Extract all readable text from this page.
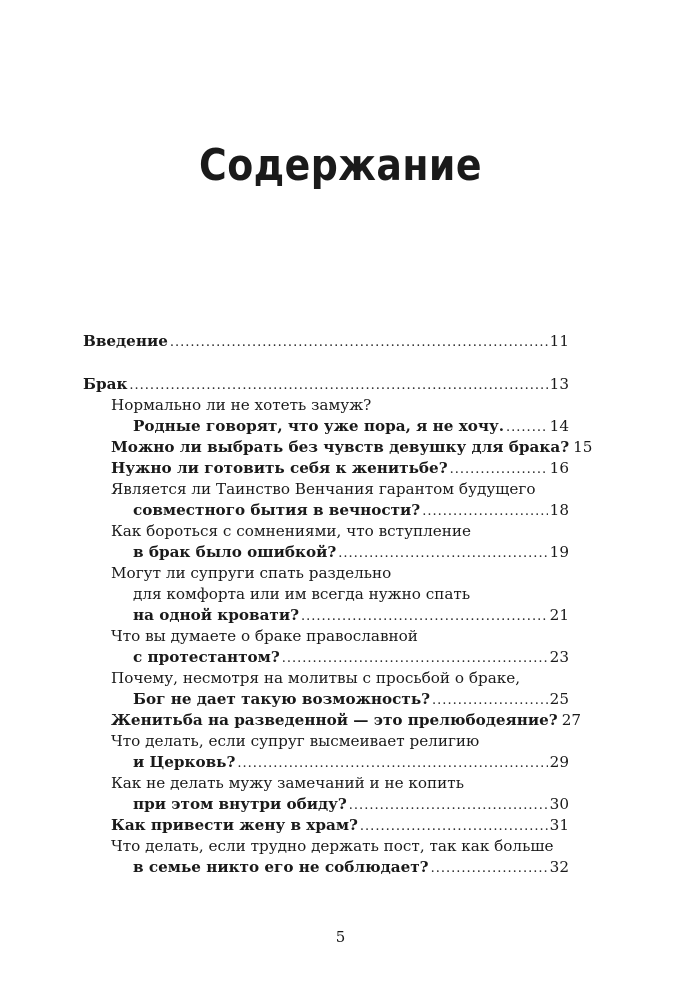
Содержание
Введение .....	11
Брак .....	13
Нормально ли не хотеть замуж?
Родные говорят, что уже пора, я не хочу. .....	14
Можно ли выбрать без чувств девушку для брака? 15
Нужно ли готовить себя к женитьбе? .....	16
Является ли Таинство Венчания гарантом будущего
совместного бытия в вечности? .....	18
Как бороться с сомнениями, что вступление
в брак было ошибкой? .....	19
Могут ли супруги спать раздельно
для комфорта или им всегда нужно спать
на одной кровати? .....	21
Что вы думаете о браке православной
с протестантом? .....	23
Почему, несмотря на молитвы с просьбой о браке,
Бог не дает такую возможность? .....	25
Женитьба на разведенной — это прелюбодеяние? 27
Что делать, если супруг высмеивает религию
и Церковь? .....	29
Как не делать мужу замечаний и не копить
при этом внутри обиду? .....	30
Как привести жену в храм? .....	31
Что делать, если трудно держать пост, так как больше
в семье никто его не соблюдает? .....	32
5
